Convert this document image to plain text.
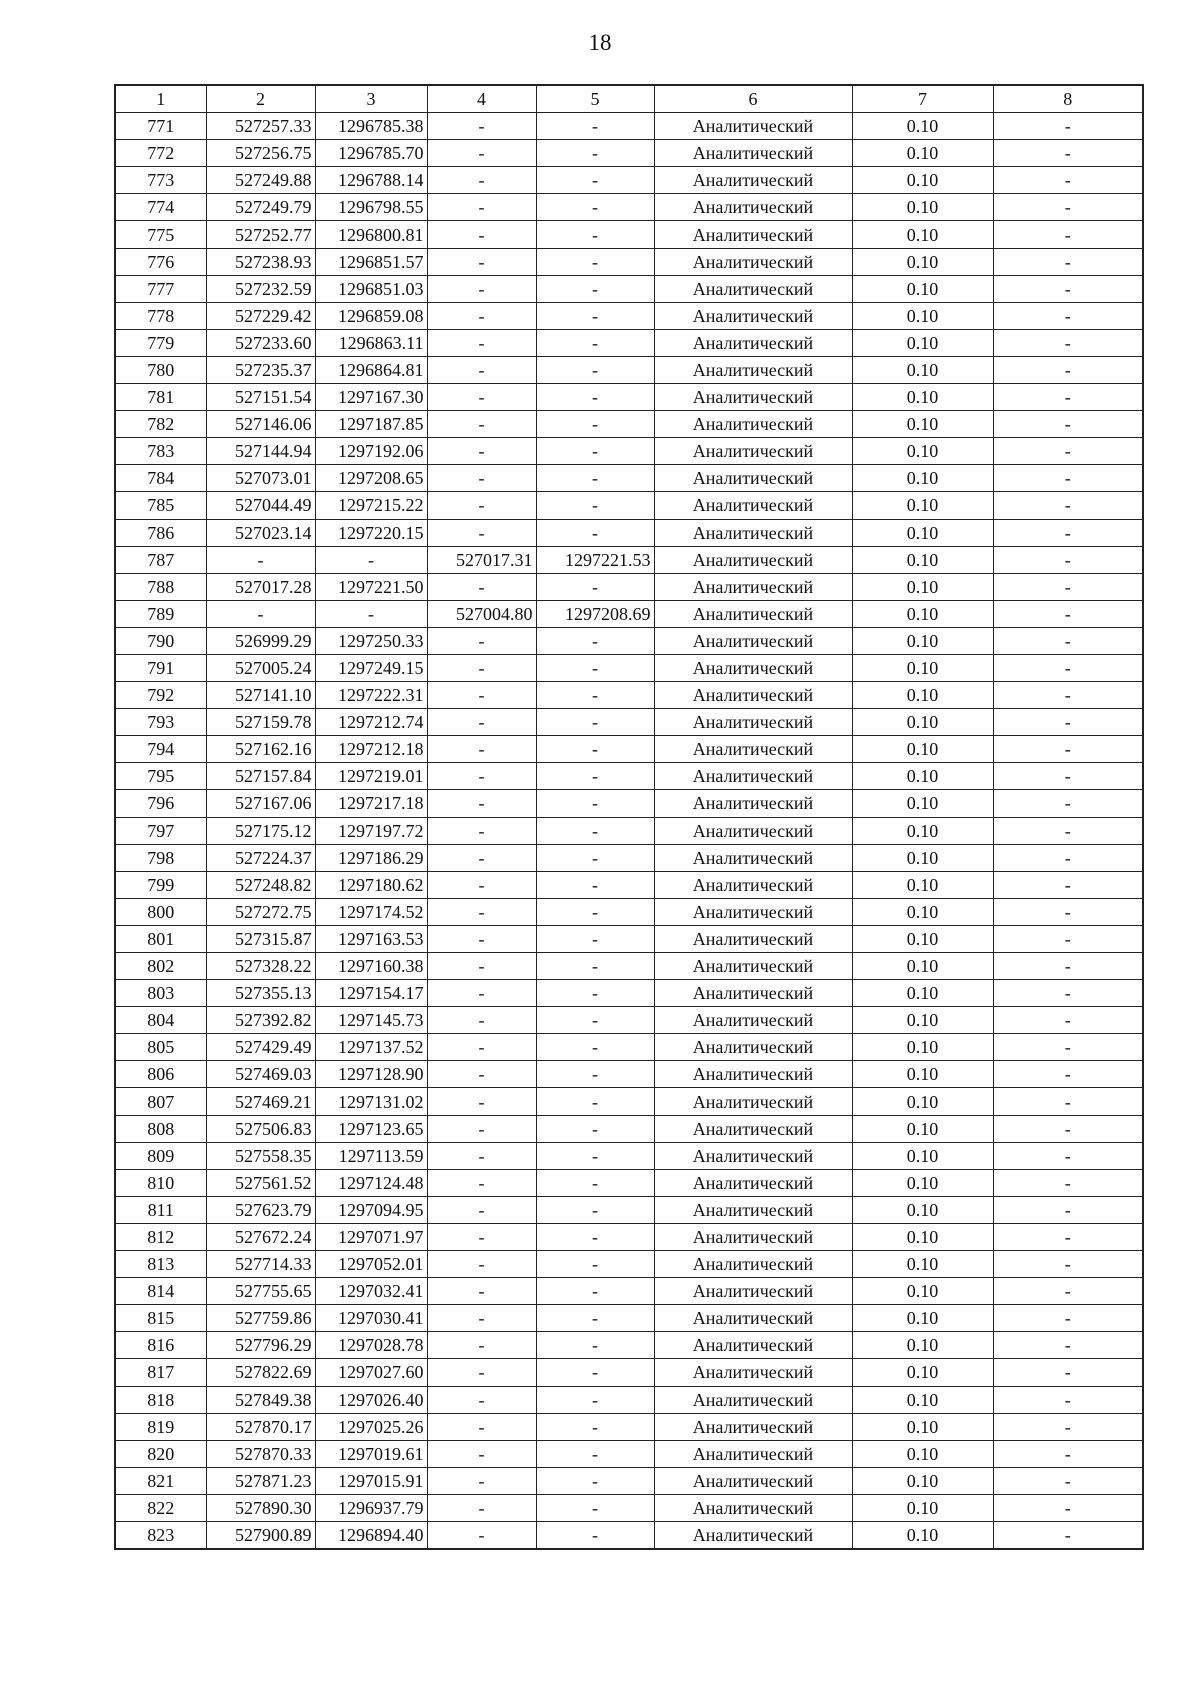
18
1	2	3	4	5	6	7	8
771	527257.33	1296785.38	-	-	Аналитический	0.10	-
772	527256.75	1296785.70	-	-	Аналитический	0.10	-
773	527249.88	1296788.14	-	-	Аналитический	0.10	-
774	527249.79	1296798.55	-	-	Аналитический	0.10	-
775	527252.77	1296800.81	-	-	Аналитический	0.10	-
776	527238.93	1296851.57	-	-	Аналитический	0.10	-
777	527232.59	1296851.03	-	-	Аналитический	0.10	-
778	527229.42	1296859.08	-	-	Аналитический	0.10	-
779	527233.60	1296863.11	-	-	Аналитический	0.10	-
780	527235.37	1296864.81	-	-	Аналитический	0.10	-
781	527151.54	1297167.30	-	-	Аналитический	0.10	-
782	527146.06	1297187.85	-	-	Аналитический	0.10	-
783	527144.94	1297192.06	-	-	Аналитический	0.10	-
784	527073.01	1297208.65	-	-	Аналитический	0.10	-
785	527044.49	1297215.22	-	-	Аналитический	0.10	-
786	527023.14	1297220.15	-	-	Аналитический	0.10	-
787	-	-	527017.31	1297221.53	Аналитический	0.10	-
788	527017.28	1297221.50	-	-	Аналитический	0.10	-
789	-	-	527004.80	1297208.69	Аналитический	0.10	-
790	526999.29	1297250.33	-	-	Аналитический	0.10	-
791	527005.24	1297249.15	-	-	Аналитический	0.10	-
792	527141.10	1297222.31	-	-	Аналитический	0.10	-
793	527159.78	1297212.74	-	-	Аналитический	0.10	-
794	527162.16	1297212.18	-	-	Аналитический	0.10	-
795	527157.84	1297219.01	-	-	Аналитический	0.10	-
796	527167.06	1297217.18	-	-	Аналитический	0.10	-
797	527175.12	1297197.72	-	-	Аналитический	0.10	-
798	527224.37	1297186.29	-	-	Аналитический	0.10	-
799	527248.82	1297180.62	-	-	Аналитический	0.10	-
800	527272.75	1297174.52	-	-	Аналитический	0.10	-
801	527315.87	1297163.53	-	-	Аналитический	0.10	-
802	527328.22	1297160.38	-	-	Аналитический	0.10	-
803	527355.13	1297154.17	-	-	Аналитический	0.10	-
804	527392.82	1297145.73	-	-	Аналитический	0.10	-
805	527429.49	1297137.52	-	-	Аналитический	0.10	-
806	527469.03	1297128.90	-	-	Аналитический	0.10	-
807	527469.21	1297131.02	-	-	Аналитический	0.10	-
808	527506.83	1297123.65	-	-	Аналитический	0.10	-
809	527558.35	1297113.59	-	-	Аналитический	0.10	-
810	527561.52	1297124.48	-	-	Аналитический	0.10	-
811	527623.79	1297094.95	-	-	Аналитический	0.10	-
812	527672.24	1297071.97	-	-	Аналитический	0.10	-
813	527714.33	1297052.01	-	-	Аналитический	0.10	-
814	527755.65	1297032.41	-	-	Аналитический	0.10	-
815	527759.86	1297030.41	-	-	Аналитический	0.10	-
816	527796.29	1297028.78	-	-	Аналитический	0.10	-
817	527822.69	1297027.60	-	-	Аналитический	0.10	-
818	527849.38	1297026.40	-	-	Аналитический	0.10	-
819	527870.17	1297025.26	-	-	Аналитический	0.10	-
820	527870.33	1297019.61	-	-	Аналитический	0.10	-
821	527871.23	1297015.91	-	-	Аналитический	0.10	-
822	527890.30	1296937.79	-	-	Аналитический	0.10	-
823	527900.89	1296894.40	-	-	Аналитический	0.10	-
